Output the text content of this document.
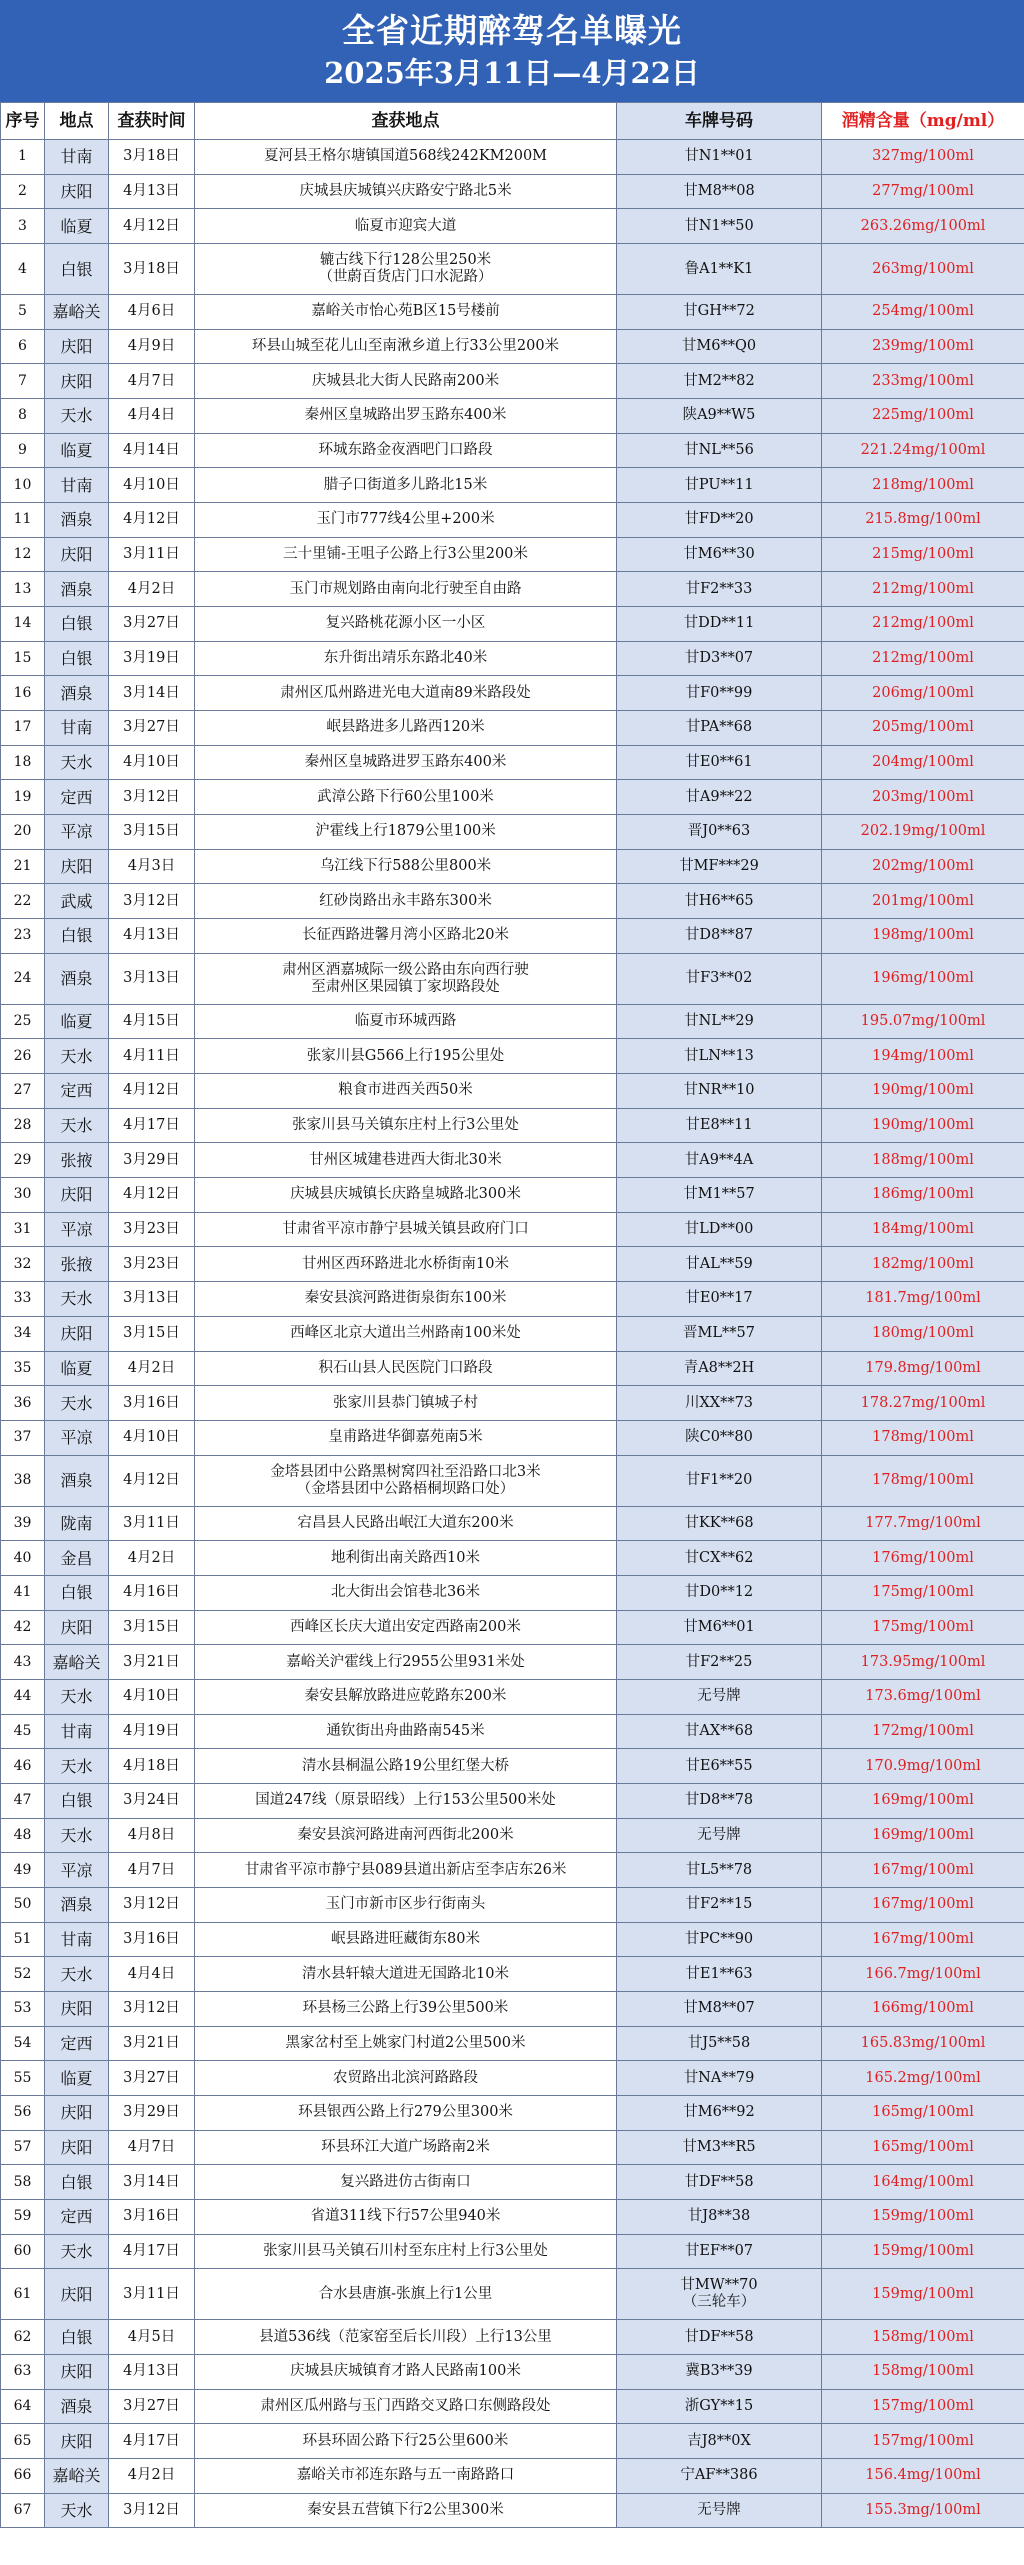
全省近期醉驾名单曝光
2025年3月11日—4月22日
序号	地点	查获时间	查获地点	车牌号码	酒精含量（mg/ml）

1	甘南	3月18日	夏河县王格尔塘镇国道568线242KM200M	甘N1**01	327mg/100ml

2	庆阳	4月13日	庆城县庆城镇兴庆路安宁路北5米	甘M8**08	277mg/100ml

3	临夏	4月12日	临夏市迎宾大道	甘N1**50	263.26mg/100ml

4	白银	3月18日	辘古线下行128公里250米
（世蔚百货店门口水泥路）	鲁A1**K1	263mg/100ml

5	嘉峪关	4月6日	嘉峪关市怡心苑B区15号楼前	甘GH**72	254mg/100ml

6	庆阳	4月9日	环县山城至花儿山至南湫乡道上行33公里200米	甘M6**Q0	239mg/100ml

7	庆阳	4月7日	庆城县北大街人民路南200米	甘M2**82	233mg/100ml

8	天水	4月4日	秦州区皇城路出罗玉路东400米	陕A9**W5	225mg/100ml

9	临夏	4月14日	环城东路金夜酒吧门口路段	甘NL**56	221.24mg/100ml

10	甘南	4月10日	腊子口街道多儿路北15米	甘PU**11	218mg/100ml

11	酒泉	4月12日	玉门市777线4公里+200米	甘FD**20	215.8mg/100ml

12	庆阳	3月11日	三十里铺-王咀子公路上行3公里200米	甘M6**30	215mg/100ml

13	酒泉	4月2日	玉门市规划路由南向北行驶至自由路	甘F2**33	212mg/100ml

14	白银	3月27日	复兴路桃花源小区一小区	甘DD**11	212mg/100ml

15	白银	3月19日	东升街出靖乐东路北40米	甘D3**07	212mg/100ml

16	酒泉	3月14日	肃州区瓜州路进光电大道南89米路段处	甘F0**99	206mg/100ml

17	甘南	3月27日	岷县路进多儿路西120米	甘PA**68	205mg/100ml

18	天水	4月10日	秦州区皇城路进罗玉路东400米	甘E0**61	204mg/100ml

19	定西	3月12日	武漳公路下行60公里100米	甘A9**22	203mg/100ml

20	平凉	3月15日	沪霍线上行1879公里100米	晋J0**63	202.19mg/100ml

21	庆阳	4月3日	乌江线下行588公里800米	甘MF***29	202mg/100ml

22	武威	3月12日	红砂岗路出永丰路东300米	甘H6**65	201mg/100ml

23	白银	4月13日	长征西路进馨月湾小区路北20米	甘D8**87	198mg/100ml

24	酒泉	3月13日	肃州区酒嘉城际一级公路由东向西行驶
至肃州区果园镇丁家坝路段处	甘F3**02	196mg/100ml

25	临夏	4月15日	临夏市环城西路	甘NL**29	195.07mg/100ml

26	天水	4月11日	张家川县G566上行195公里处	甘LN**13	194mg/100ml

27	定西	4月12日	粮食市进西关西50米	甘NR**10	190mg/100ml

28	天水	4月17日	张家川县马关镇东庄村上行3公里处	甘E8**11	190mg/100ml

29	张掖	3月29日	甘州区城建巷进西大街北30米	甘A9**4A	188mg/100ml

30	庆阳	4月12日	庆城县庆城镇长庆路皇城路北300米	甘M1**57	186mg/100ml

31	平凉	3月23日	甘肃省平凉市静宁县城关镇县政府门口	甘LD**00	184mg/100ml

32	张掖	3月23日	甘州区西环路进北水桥街南10米	甘AL**59	182mg/100ml

33	天水	3月13日	秦安县滨河路进街泉街东100米	甘E0**17	181.7mg/100ml

34	庆阳	3月15日	西峰区北京大道出兰州路南100米处	晋ML**57	180mg/100ml

35	临夏	4月2日	积石山县人民医院门口路段	青A8**2H	179.8mg/100ml

36	天水	3月16日	张家川县恭门镇城子村	川XX**73	178.27mg/100ml

37	平凉	4月10日	皇甫路进华御嘉苑南5米	陕C0**80	178mg/100ml

38	酒泉	4月12日	金塔县团中公路黑树窝四社至沿路口北3米
（金塔县团中公路梧桐坝路口处）	甘F1**20	178mg/100ml

39	陇南	3月11日	宕昌县人民路出岷江大道东200米	甘KK**68	177.7mg/100ml

40	金昌	4月2日	地利街出南关路西10米	甘CX**62	176mg/100ml

41	白银	4月16日	北大街出会馆巷北36米	甘D0**12	175mg/100ml

42	庆阳	3月15日	西峰区长庆大道出安定西路南200米	甘M6**01	175mg/100ml

43	嘉峪关	3月21日	嘉峪关沪霍线上行2955公里931米处	甘F2**25	173.95mg/100ml

44	天水	4月10日	秦安县解放路进应乾路东200米	无号牌	173.6mg/100ml

45	甘南	4月19日	通钦街出舟曲路南545米	甘AX**68	172mg/100ml

46	天水	4月18日	清水县桐温公路19公里红堡大桥	甘E6**55	170.9mg/100ml

47	白银	3月24日	国道247线（原景昭线）上行153公里500米处	甘D8**78	169mg/100ml

48	天水	4月8日	秦安县滨河路进南河西街北200米	无号牌	169mg/100ml

49	平凉	4月7日	甘肃省平凉市静宁县089县道出新店至李店东26米	甘L5**78	167mg/100ml

50	酒泉	3月12日	玉门市新市区步行街南头	甘F2**15	167mg/100ml

51	甘南	3月16日	岷县路进旺藏街东80米	甘PC**90	167mg/100ml

52	天水	4月4日	清水县轩辕大道进无国路北10米	甘E1**63	166.7mg/100ml

53	庆阳	3月12日	环县杨三公路上行39公里500米	甘M8**07	166mg/100ml

54	定西	3月21日	黑家岔村至上姚家门村道2公里500米	甘J5**58	165.83mg/100ml

55	临夏	3月27日	农贸路出北滨河路路段	甘NA**79	165.2mg/100ml

56	庆阳	3月29日	环县银西公路上行279公里300米	甘M6**92	165mg/100ml

57	庆阳	4月7日	环县环江大道广场路南2米	甘M3**R5	165mg/100ml

58	白银	3月14日	复兴路进仿古街南口	甘DF**58	164mg/100ml

59	定西	3月16日	省道311线下行57公里940米	甘J8**38	159mg/100ml

60	天水	4月17日	张家川县马关镇石川村至东庄村上行3公里处	甘EF**07	159mg/100ml

61	庆阳	3月11日	合水县唐旗-张旗上行1公里	甘MW**70
（三轮车）	159mg/100ml

62	白银	4月5日	县道536线（范家窑至后长川段）上行13公里	甘DF**58	158mg/100ml

63	庆阳	4月13日	庆城县庆城镇育才路人民路南100米	冀B3**39	158mg/100ml

64	酒泉	3月27日	肃州区瓜州路与玉门西路交叉路口东侧路段处	浙GY**15	157mg/100ml

65	庆阳	4月17日	环县环固公路下行25公里600米	吉J8**0X	157mg/100ml

66	嘉峪关	4月2日	嘉峪关市祁连东路与五一南路路口	宁AF**386	156.4mg/100ml

67	天水	3月12日	秦安县五营镇下行2公里300米	无号牌	155.3mg/100ml
